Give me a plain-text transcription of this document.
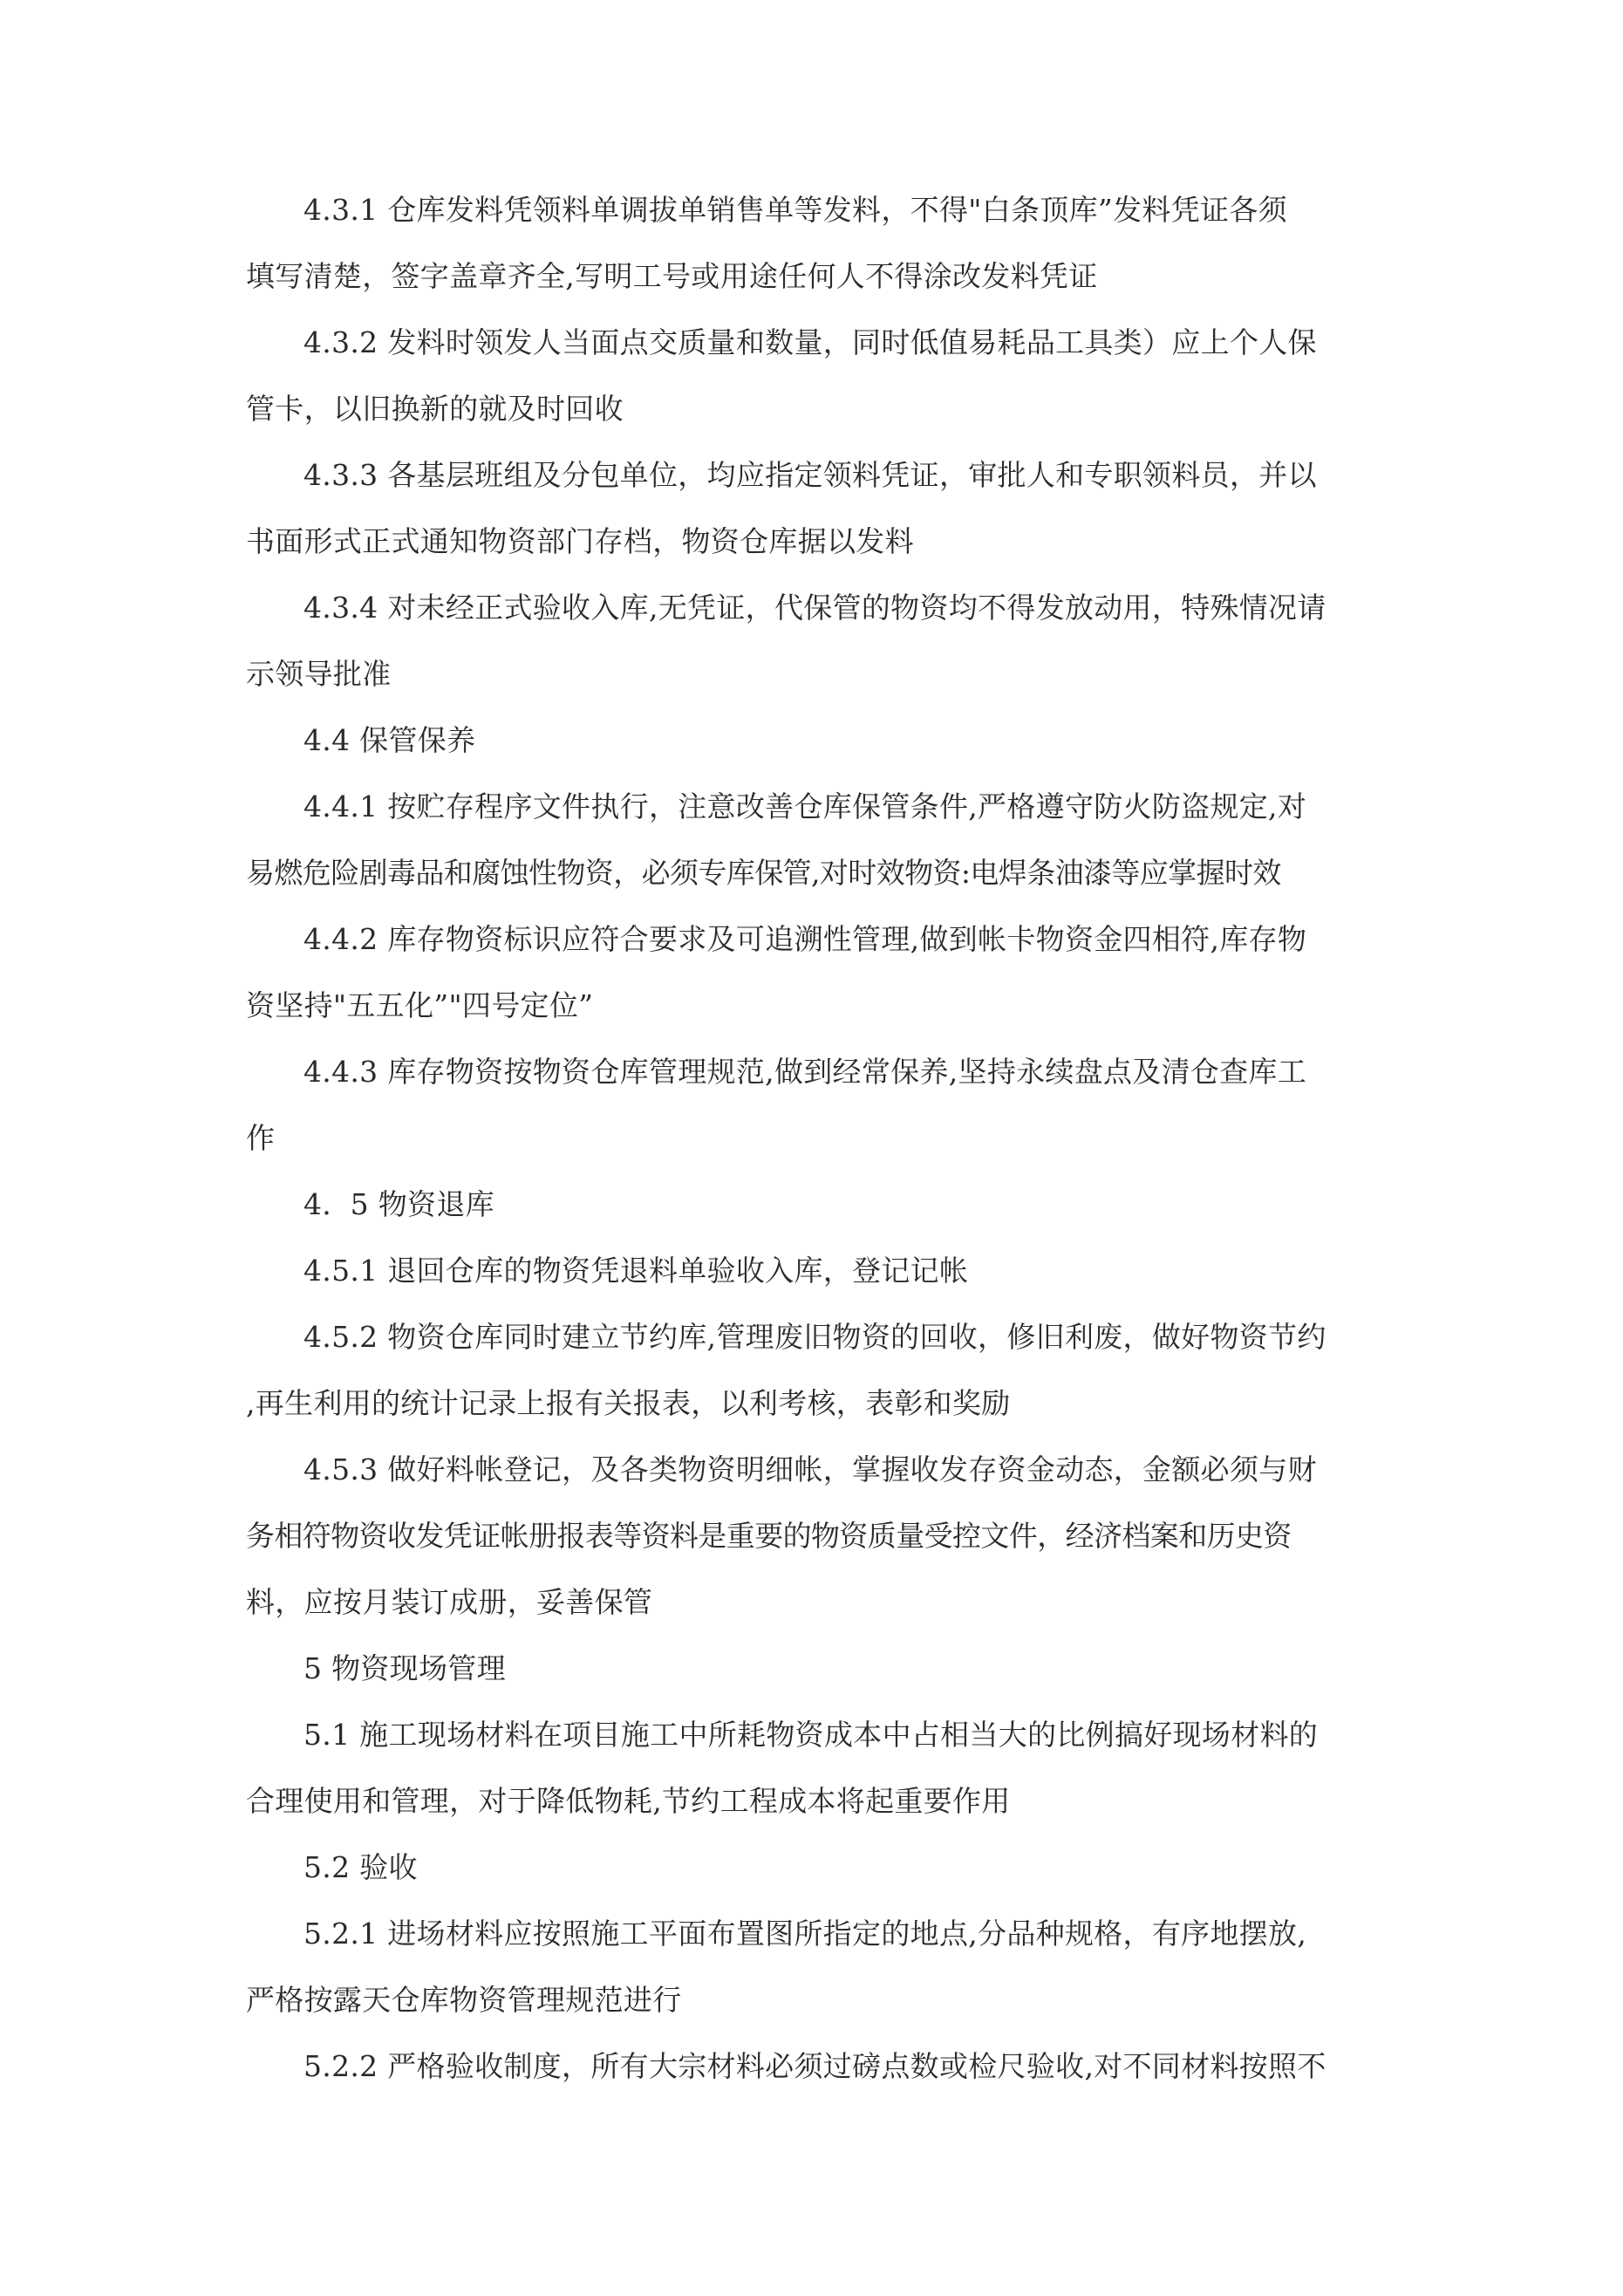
4.3.1 仓库发料凭领料单调拔单销售单等发料，不得"白条顶库”发料凭证各须
填写清楚，签字盖章齐全,写明工号或用途任何人不得涂改发料凭证

4.3.2 发料时领发人当面点交质量和数量，同时低值易耗品工具类）应上个人保
管卡，以旧换新的就及时回收

4.3.3 各基层班组及分包单位，均应指定领料凭证，审批人和专职领料员，并以
书面形式正式通知物资部门存档，物资仓库据以发料

4.3.4 对未经正式验收入库,无凭证，代保管的物资均不得发放动用，特殊情况请
示领导批准

4.4 保管保养

4.4.1 按贮存程序文件执行，注意改善仓库保管条件,严格遵守防火防盗规定,对
易燃危险剧毒品和腐蚀性物资，必须专库保管,对时效物资:电焊条油漆等应掌握时效

4.4.2 库存物资标识应符合要求及可追溯性管理,做到帐卡物资金四相符,库存物
资坚持"五五化”"四号定位”

4.4.3 库存物资按物资仓库管理规范,做到经常保养,坚持永续盘点及清仓查库工
作

4.  5 物资退库

4.5.1 退回仓库的物资凭退料单验收入库，登记记帐

4.5.2 物资仓库同时建立节约库,管理废旧物资的回收，修旧利废，做好物资节约
,再生利用的统计记录上报有关报表，以利考核，表彰和奖励

4.5.3 做好料帐登记，及各类物资明细帐，掌握收发存资金动态，金额必须与财
务相符物资收发凭证帐册报表等资料是重要的物资质量受控文件，经济档案和历史资
料，应按月装订成册，妥善保管

5 物资现场管理

5.1 施工现场材料在项目施工中所耗物资成本中占相当大的比例搞好现场材料的
合理使用和管理，对于降低物耗,节约工程成本将起重要作用

5.2 验收

5.2.1 进场材料应按照施工平面布置图所指定的地点,分品种规格，有序地摆放,
严格按露天仓库物资管理规范进行

5.2.2 严格验收制度，所有大宗材料必须过磅点数或检尺验收,对不同材料按照不
